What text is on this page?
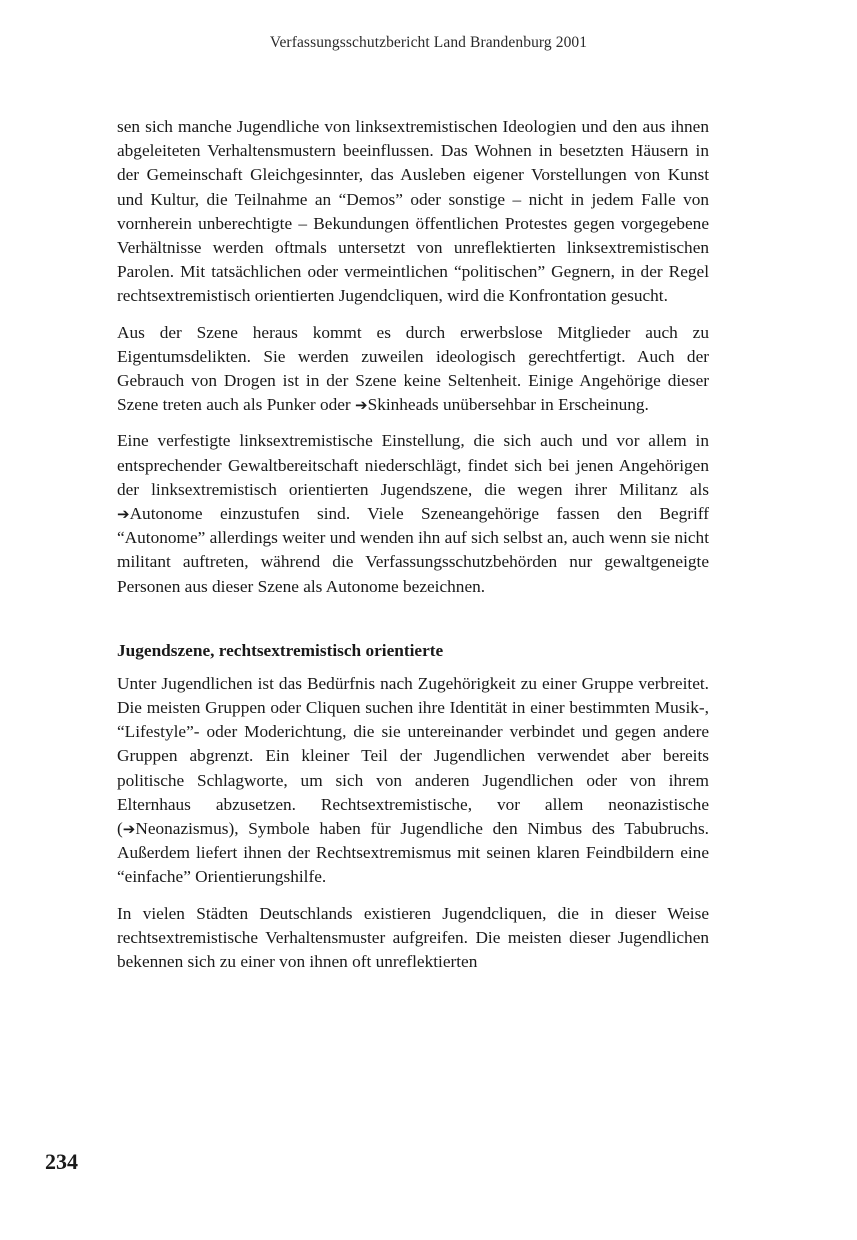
Verfassungsschutzbericht Land Brandenburg 2001

sen sich manche Jugendliche von linksextremistischen Ideologien und den aus ihnen abgeleiteten Verhaltensmustern beeinflussen. Das Wohnen in besetzten Häusern in der Gemeinschaft Gleichgesinnter, das Ausleben eigener Vorstellungen von Kunst und Kultur, die Teilnahme an “Demos” oder sonstige – nicht in jedem Falle von vornherein unberechtigte – Bekundungen öffentlichen Protestes gegen vorgegebene Verhältnisse werden oftmals untersetzt von unreflektierten linksextremistischen Parolen. Mit tatsächlichen oder vermeintlichen “politischen” Gegnern, in der Regel rechtsextremistisch orientierten Jugendcliquen, wird die Konfrontation gesucht.

Aus der Szene heraus kommt es durch erwerbslose Mitglieder auch zu Eigentumsdelikten. Sie werden zuweilen ideologisch gerechtfertigt. Auch der Gebrauch von Drogen ist in der Szene keine Seltenheit. Einige Angehörige dieser Szene treten auch als Punker oder ➔Skinheads unübersehbar in Erscheinung.

Eine verfestigte linksextremistische Einstellung, die sich auch und vor allem in entsprechender Gewaltbereitschaft niederschlägt, findet sich bei jenen Angehörigen der linksextremistisch orientierten Jugendszene, die wegen ihrer Militanz als ➔Autonome einzustufen sind. Viele Szeneangehörige fassen den Begriff “Autonome” allerdings weiter und wenden ihn auf sich selbst an, auch wenn sie nicht militant auftreten, während die Verfassungsschutzbehörden nur gewaltgeneigte Personen aus dieser Szene als Autonome bezeichnen.

Jugendszene, rechtsextremistisch orientierte

Unter Jugendlichen ist das Bedürfnis nach Zugehörigkeit zu einer Gruppe verbreitet. Die meisten Gruppen oder Cliquen suchen ihre Identität in einer bestimmten Musik-, “Lifestyle”- oder Moderichtung, die sie untereinander verbindet und gegen andere Gruppen abgrenzt. Ein kleiner Teil der Jugendlichen verwendet aber bereits politische Schlagworte, um sich von anderen Jugendlichen oder von ihrem Elternhaus abzusetzen. Rechtsextremistische, vor allem neonazistische (➔Neonazismus), Symbole haben für Jugendliche den Nimbus des Tabubruchs. Außerdem liefert ihnen der Rechtsextremismus mit seinen klaren Feindbildern eine “einfache” Orientierungshilfe.

In vielen Städten Deutschlands existieren Jugendcliquen, die in dieser Weise rechtsextremistische Verhaltensmuster aufgreifen. Die meisten dieser Jugendlichen bekennen sich zu einer von ihnen oft unreflektierten

234
